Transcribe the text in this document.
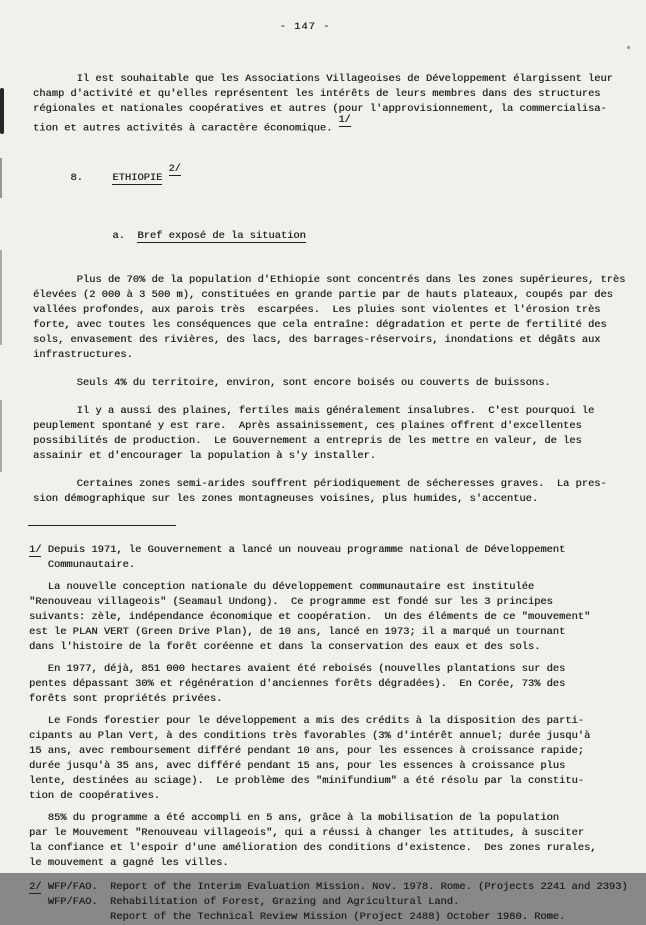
- 147 -
Il est souhaitable que les Associations Villageoises de Développement élargissent leur
champ d'activité et qu'elles représentent les intérêts de leurs membres dans des structures
régionales et nationales coopératives et autres (pour l'approvisionnement, la commercialisa-
tion et autres activités à caractère économique. $^{1/}$

8.	ETHIOPIE $^{2/}$

a. Bref exposé de la situation

Plus de 70% de la population d'Ethiopie sont concentrés dans les zones supérieures, très
élevées (2 000 à 3 500 m), constituées en grande partie par de hauts plateaux, coupés par des
vallées profondes, aux parois très  escarpées.  Les pluies sont violentes et l'érosion très
forte, avec toutes les conséquences que cela entraîne: dégradation et perte de fertilité des
sols, envasement des rivières, des lacs, des barrages-réservoirs, inondations et dégâts aux
infrastructures.
Seuls 4% du territoire, environ, sont encore boisés ou couverts de buissons.
Il y a aussi des plaines, fertiles mais généralement insalubres.  C'est pourquoi le
peuplement spontané y est rare.  Après assainissement, ces plaines offrent d'excellentes
possibilités de production.  Le Gouvernement a entrepris de les mettre en valeur, de les
assainir et d'encourager la population à s'y installer.
Certaines zones semi-arides souffrent périodiquement de sécheresses graves.  La pres-
sion démographique sur les zones montagneuses voisines, plus humides, s'accentue.
1/ Depuis 1971, le Gouvernement a lancé un nouveau programme national de Développement
Communautaire.
La nouvelle conception nationale du développement communautaire est institulée
"Renouveau villageois" (Seamaul Undong).  Ce programme est fondé sur les 3 principes
suivants: zèle, indépendance économique et coopération.  Un des éléments de ce "mouvement"
est le PLAN VERT (Green Drive Plan), de 10 ans, lancé en 1973; il a marqué un tournant
dans l'histoire de la forêt coréenne et dans la conservation des eaux et des sols.
En 1977, déjà, 851 000 hectares avaient été reboisés (nouvelles plantations sur des
pentes dépassant 30% et régénération d'anciennes forêts dégradées).  En Corée, 73% des
forêts sont propriétés privées.
Le Fonds forestier pour le développement a mis des crédits à la disposition des parti-
cipants au Plan Vert, à des conditions très favorables (3% d'intérêt annuel; durée jusqu'à
15 ans, avec remboursement différé pendant 10 ans, pour les essences à croissance rapide;
durée jusqu'à 35 ans, avec différé pendant 15 ans, pour les essences à croissance plus
lente, destinées au sciage).  Le problème des "minifundium" a été résolu par la constitu-
tion de coopératives.
85% du programme a été accompli en 5 ans, grâce à la mobilisation de la population
par le Mouvement "Renouveau villageois", qui a réussi à changer les attitudes, à susciter
la confiance et l'espoir d'une amélioration des conditions d'existence.  Des zones rurales,
le mouvement a gagné les villes.
2/ WFP/FAO.  Report of the Interim Evaluation Mission. Nov. 1978. Rome. (Projects 2241 and 2393)
WFP/FAO.  Rehabilitation of Forest, Grazing and Agricultural Land.
Report of the Technical Review Mission (Project 2488) October 1980. Rome.
